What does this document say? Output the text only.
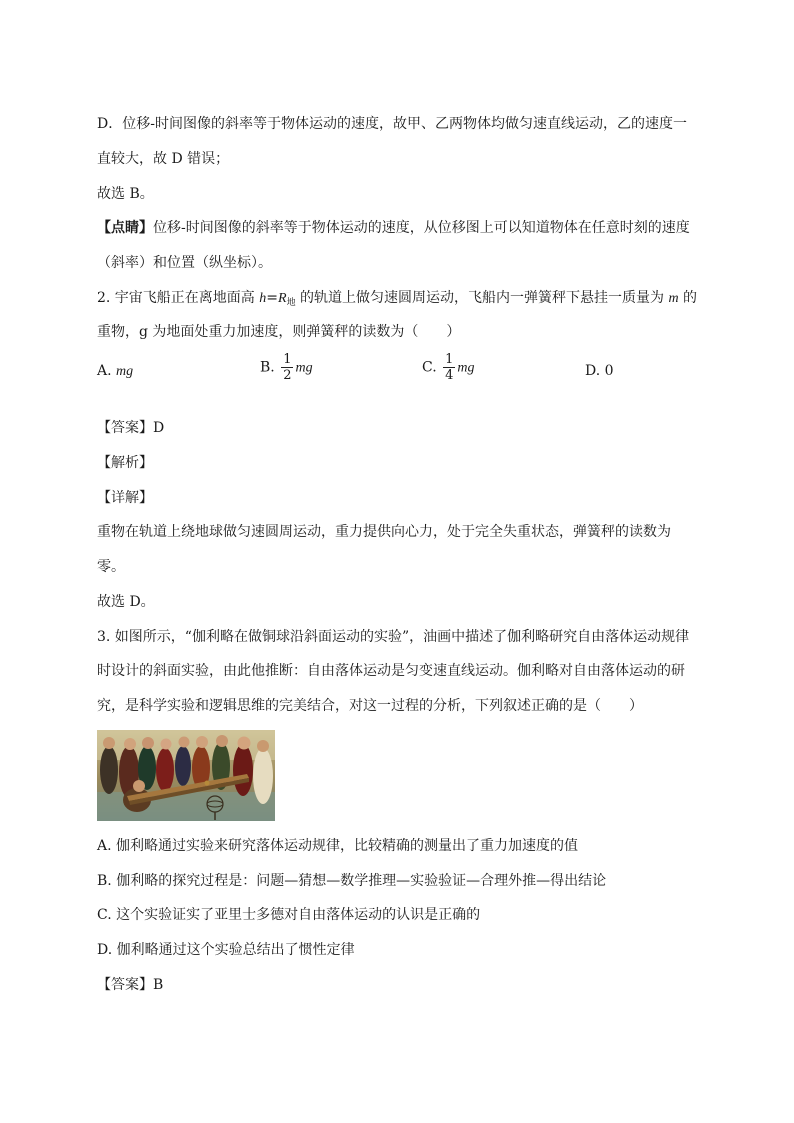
D．位移-时间图像的斜率等于物体运动的速度，故甲、乙两物体均做匀速直线运动，乙的速度一
直较大，故 D 错误；
故选 B。
【点睛】位移-时间图像的斜率等于物体运动的速度，从位移图上可以知道物体在任意时刻的速度
（斜率）和位置（纵坐标）。
2. 宇宙飞船正在离地面高 $h=R_地$ 的轨道上做匀速圆周运动，飞船内一弹簧秤下悬挂一质量为 m 的
重物，g 为地面处重力加速度，则弹簧秤的读数为（　　）
A. mg	B. $\frac{1}{2}$ mg	C. $\frac{1}{4}$ mg	D. 0
【答案】D
【解析】
【详解】
重物在轨道上绕地球做匀速圆周运动，重力提供向心力，处于完全失重状态，弹簧秤的读数为
零。
故选 D。
3. 如图所示，“伽利略在做铜球沿斜面运动的实验”，油画中描述了伽利略研究自由落体运动规律
时设计的斜面实验，由此他推断：自由落体运动是匀变速直线运动。伽利略对自由落体运动的研
究，是科学实验和逻辑思维的完美结合，对这一过程的分析，下列叙述正确的是（　　）
A. 伽利略通过实验来研究落体运动规律，比较精确的测量出了重力加速度的值
B. 伽利略的探究过程是：问题—猜想—数学推理—实验验证—合理外推—得出结论
C. 这个实验证实了亚里士多德对自由落体运动的认识是正确的
D. 伽利略通过这个实验总结出了惯性定律
【答案】B
